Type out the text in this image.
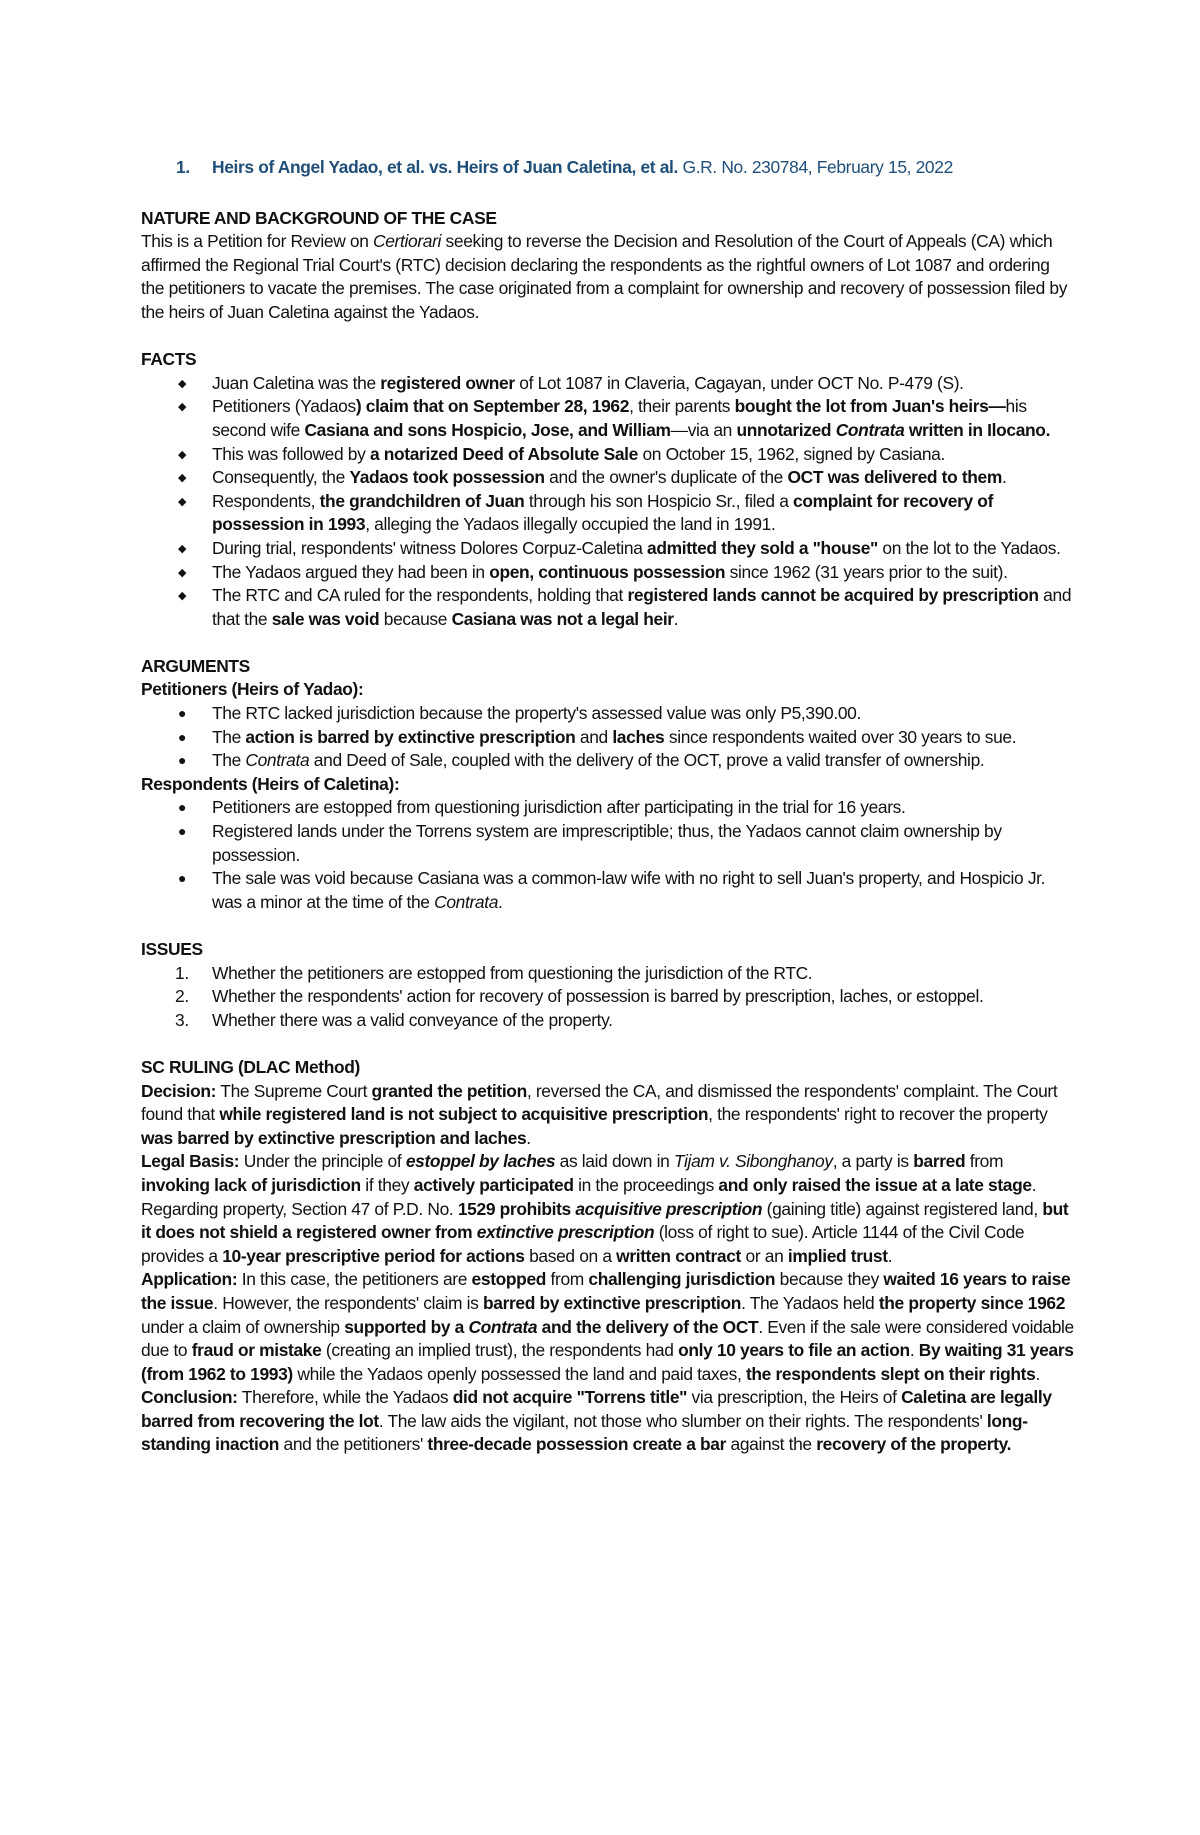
1.	Heirs of Angel Yadao, et al. vs. Heirs of Juan Caletina, et al. G.R. No. 230784, February 15, 2022
NATURE AND BACKGROUND OF THE CASE

This is a Petition for Review on Certiorari seeking to reverse the Decision and Resolution of the Court of Appeals (CA) which affirmed the Regional Trial Court's (RTC) decision declaring the respondents as the rightful owners of Lot 1087 and ordering the petitioners to vacate the premises. The case originated from a complaint for ownership and recovery of possession filed by the heirs of Juan Caletina against the Yadaos.

FACTS
◆	Juan Caletina was the registered owner of Lot 1087 in Claveria, Cagayan, under OCT No. P-479 (S).
◆	Petitioners (Yadaos) claim that on September 28, 1962, their parents bought the lot from Juan's heirs—his second wife Casiana and sons Hospicio, Jose, and William—via an unnotarized Contrata written in Ilocano.
◆	This was followed by a notarized Deed of Absolute Sale on October 15, 1962, signed by Casiana.
◆	Consequently, the Yadaos took possession and the owner's duplicate of the OCT was delivered to them.
◆	Respondents, the grandchildren of Juan through his son Hospicio Sr., filed a complaint for recovery of possession in 1993, alleging the Yadaos illegally occupied the land in 1991.
◆	During trial, respondents' witness Dolores Corpuz-Caletina admitted they sold a "house" on the lot to the Yadaos.
◆	The Yadaos argued they had been in open, continuous possession since 1962 (31 years prior to the suit).
◆	The RTC and CA ruled for the respondents, holding that registered lands cannot be acquired by prescription and that the sale was void because Casiana was not a legal heir.
ARGUMENTS
Petitioners (Heirs of Yadao):
●	The RTC lacked jurisdiction because the property's assessed value was only P5,390.00.
●	The action is barred by extinctive prescription and laches since respondents waited over 30 years to sue.
●	The Contrata and Deed of Sale, coupled with the delivery of the OCT, prove a valid transfer of ownership.
Respondents (Heirs of Caletina):
●	Petitioners are estopped from questioning jurisdiction after participating in the trial for 16 years.
●	Registered lands under the Torrens system are imprescriptible; thus, the Yadaos cannot claim ownership by possession.
●	The sale was void because Casiana was a common-law wife with no right to sell Juan's property, and Hospicio Jr. was a minor at the time of the Contrata.
ISSUES
1.	Whether the petitioners are estopped from questioning the jurisdiction of the RTC.
2.	Whether the respondents' action for recovery of possession is barred by prescription, laches, or estoppel.
3.	Whether there was a valid conveyance of the property.
SC RULING (DLAC Method)

Decision: The Supreme Court granted the petition, reversed the CA, and dismissed the respondents' complaint. The Court found that while registered land is not subject to acquisitive prescription, the respondents' right to recover the property was barred by extinctive prescription and laches.

Legal Basis: Under the principle of estoppel by laches as laid down in Tijam v. Sibonghanoy, a party is barred from invoking lack of jurisdiction if they actively participated in the proceedings and only raised the issue at a late stage. Regarding property, Section 47 of P.D. No. 1529 prohibits acquisitive prescription (gaining title) against registered land, but it does not shield a registered owner from extinctive prescription (loss of right to sue). Article 1144 of the Civil Code provides a 10-year prescriptive period for actions based on a written contract or an implied trust.

Application: In this case, the petitioners are estopped from challenging jurisdiction because they waited 16 years to raise the issue. However, the respondents' claim is barred by extinctive prescription. The Yadaos held the property since 1962 under a claim of ownership supported by a Contrata and the delivery of the OCT. Even if the sale were considered voidable due to fraud or mistake (creating an implied trust), the respondents had only 10 years to file an action. By waiting 31 years (from 1962 to 1993) while the Yadaos openly possessed the land and paid taxes, the respondents slept on their rights.

Conclusion: Therefore, while the Yadaos did not acquire "Torrens title" via prescription, the Heirs of Caletina are legally barred from recovering the lot. The law aids the vigilant, not those who slumber on their rights. The respondents' long-standing inaction and the petitioners' three-decade possession create a bar against the recovery of the property.
